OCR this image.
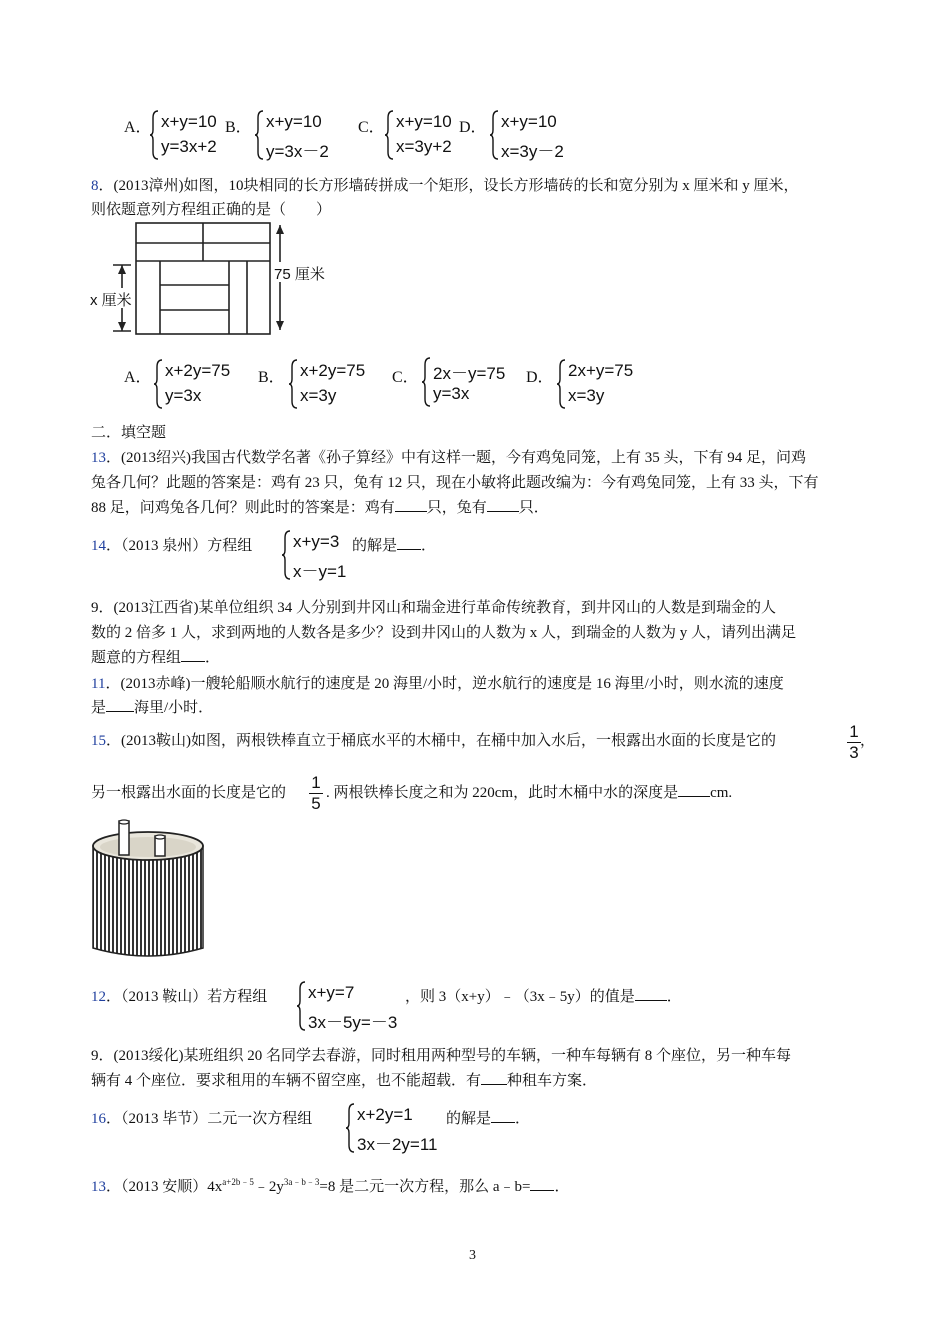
A． x+y=10
y=3x+2
B． x+y=10
y=3x－2
C． x+y=10
x=3y+2
D． x+y=10
x=3y－2
8．(2013漳州)如图，10块相同的长方形墙砖拼成一个矩形，设长方形墙砖的长和宽分别为 x 厘米和 y 厘米，
则依题意列方程组正确的是（　　）
x 厘米
75 厘米
A． x+2y=75
y=3x
B． x+2y=75
x=3y
C． 2x－y=75
y=3x
D． 2x+y=75
x=3y
二．填空题
13．(2013绍兴)我国古代数学名著《孙子算经》中有这样一题，今有鸡兔同笼，上有 35 头，下有 94 足，问鸡
兔各几何？此题的答案是：鸡有 23 只，兔有 12 只，现在小敏将此题改编为：今有鸡兔同笼，上有 33 头，下有
88 足，问鸡兔各几何？则此时的答案是：鸡有 只，兔有 只．
14．（2013 泉州）方程组 x+y=3
x－y=1
的解是 ．
9．(2013江西省)某单位组织 34 人分别到井冈山和瑞金进行革命传统教育，到井冈山的人数是到瑞金的人
数的 2 倍多 1 人，求到两地的人数各是多少？设到井冈山的人数为 x 人，到瑞金的人数为 y 人，请列出满足
题意的方程组 ．
11．(2013赤峰)一艘轮船顺水航行的速度是 20 海里/小时，逆水航行的速度是 16 海里/小时，则水流的速度
是 海里/小时．
15．(2013鞍山)如图，两根铁棒直立于桶底水平的木桶中，在桶中加入水后，一根露出水面的长度是它的	1
3
，
另一根露出水面的长度是它的
1
5
. 两根铁棒长度之和为 220cm，此时木桶中水的深度是 cm.
12．（2013 鞍山）若方程组 x+y=7
3x－5y=－3
，则 3（x+y）﹣（3x﹣5y）的值是 ．
9．(2013绥化)某班组织 20 名同学去春游，同时租用两种型号的车辆，一种车每辆有 8 个座位，另一种车每
辆有 4 个座位．要求租用的车辆不留空座，也不能超载．有 种租车方案．
16．（2013 毕节）二元一次方程组	x+2y=1
3x－2y=11
的解是 ．
13．（2013 安顺）$4x^{a+2b﹣5}﹣2y^{3a﹣b﹣3}=8$ 是二元一次方程，那么 a﹣b= ．
3
